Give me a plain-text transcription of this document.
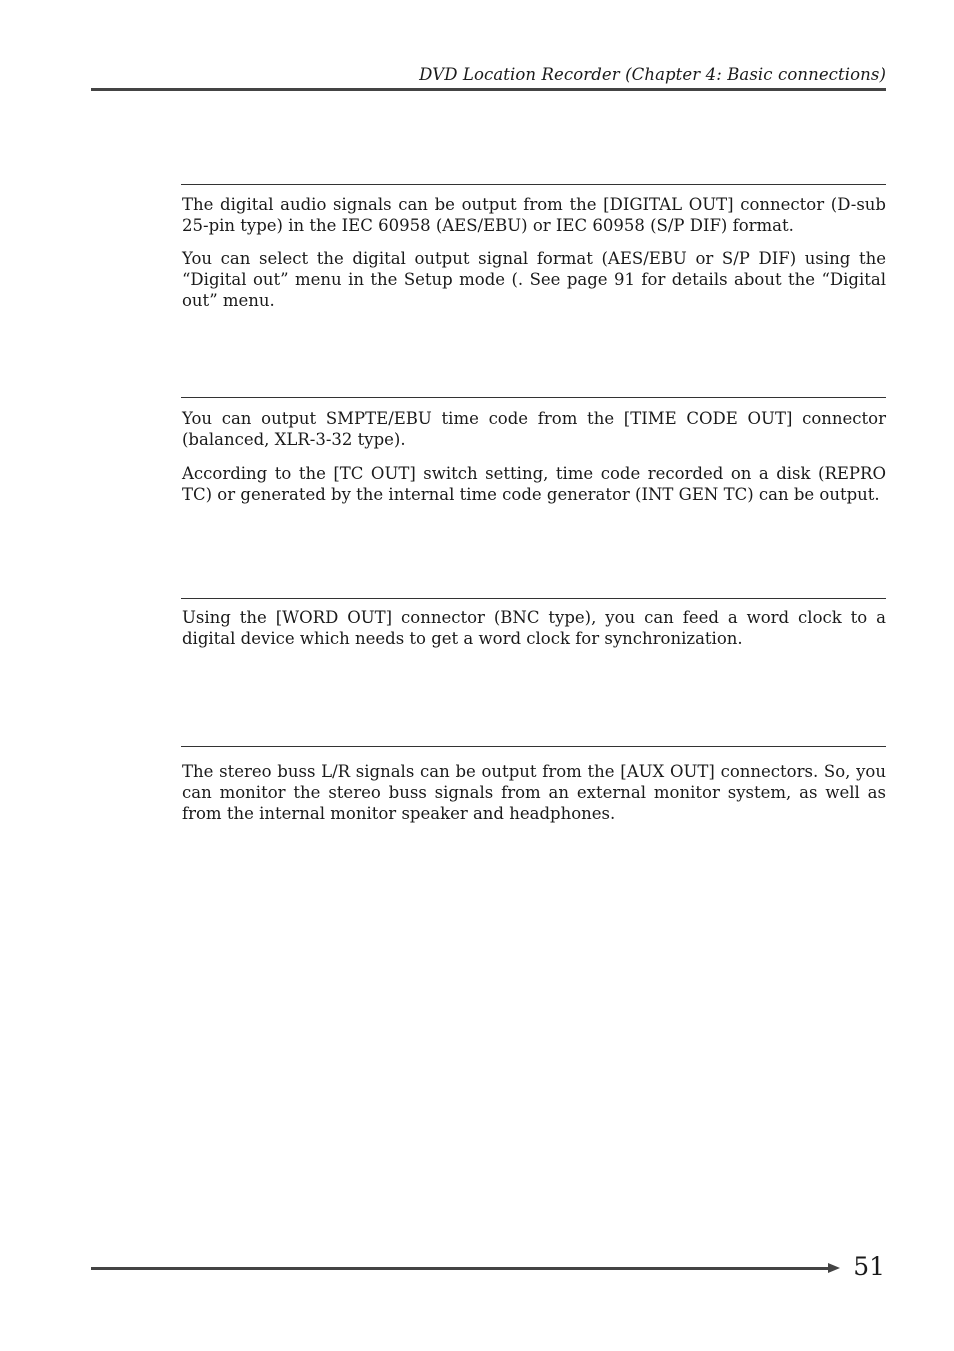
DVD Location Recorder (Chapter 4: Basic connections)

The digital audio signals can be output from the [DIGITAL OUT] connector (D-sub 25-pin type) in the IEC 60958 (AES/EBU) or IEC 60958 (S/P DIF) format.

You can select the digital output signal format (AES/EBU or S/P DIF) using the “Digital out” menu in the Setup mode (. See page 91 for details about the “Digital out” menu.

You can output SMPTE/EBU time code from the [TIME CODE OUT] connector (balanced, XLR-3-32 type).

According to the [TC OUT] switch setting, time code recorded on a disk (REPRO TC) or generated by the internal time code generator (INT GEN TC) can be output.

Using the [WORD OUT] connector (BNC type), you can feed a word clock to a digital device which needs to get a word clock for synchronization.

The stereo buss L/R signals can be output from the [AUX OUT] connectors. So, you can monitor the stereo buss signals from an external monitor system, as well as from the internal monitor speaker and headphones.

51
